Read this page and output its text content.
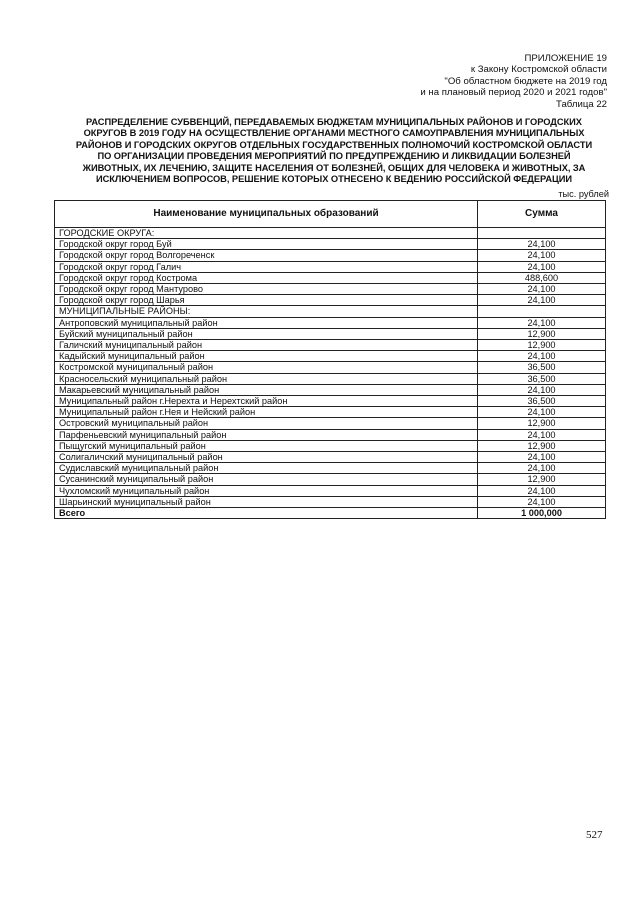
ПРИЛОЖЕНИЕ 19
к Закону Костромской области
"Об областном бюджете на 2019 год
и на плановый период 2020 и 2021 годов"
Таблица 22
РАСПРЕДЕЛЕНИЕ СУБВЕНЦИЙ, ПЕРЕДАВАЕМЫХ БЮДЖЕТАМ МУНИЦИПАЛЬНЫХ РАЙОНОВ И ГОРОДСКИХ
ОКРУГОВ В 2019 ГОДУ НА ОСУЩЕСТВЛЕНИЕ ОРГАНАМИ МЕСТНОГО САМОУПРАВЛЕНИЯ МУНИЦИПАЛЬНЫХ
РАЙОНОВ И ГОРОДСКИХ ОКРУГОВ ОТДЕЛЬНЫХ ГОСУДАРСТВЕННЫХ ПОЛНОМОЧИЙ КОСТРОМСКОЙ ОБЛАСТИ
ПО ОРГАНИЗАЦИИ ПРОВЕДЕНИЯ МЕРОПРИЯТИЙ ПО ПРЕДУПРЕЖДЕНИЮ И ЛИКВИДАЦИИ БОЛЕЗНЕЙ
ЖИВОТНЫХ, ИХ ЛЕЧЕНИЮ, ЗАЩИТЕ НАСЕЛЕНИЯ ОТ БОЛЕЗНЕЙ, ОБЩИХ ДЛЯ ЧЕЛОВЕКА И ЖИВОТНЫХ, ЗА
ИСКЛЮЧЕНИЕМ ВОПРОСОВ, РЕШЕНИЕ КОТОРЫХ ОТНЕСЕНО К ВЕДЕНИЮ РОССИЙСКОЙ ФЕДЕРАЦИИ
тыс. рублей
Наименование муниципальных образований	Сумма
ГОРОДСКИЕ ОКРУГА:	
Городской округ город Буй	24,100
Городской округ город Волгореченск	24,100
Городской округ город Галич	24,100
Городской округ город Кострома	488,600
Городской округ город Мантурово	24,100
Городской округ город Шарья	24,100
МУНИЦИПАЛЬНЫЕ РАЙОНЫ:	
Антроповский муниципальный район	24,100
Буйский муниципальный район	12,900
Галичский муниципальный район	12,900
Кадыйский муниципальный район	24,100
Костромской муниципальный район	36,500
Красносельский муниципальный район	36,500
Макарьевский муниципальный район	24,100
Муниципальный район г.Нерехта и Нерехтский район	36,500
Муниципальный район г.Нея и Нейский район	24,100
Островский муниципальный район	12,900
Парфеньевский муниципальный район	24,100
Пыщугский муниципальный район	12,900
Солигаличский муниципальный район	24,100
Судиславский муниципальный район	24,100
Сусанинский муниципальный район	12,900
Чухломский муниципальный район	24,100
Шарьинский муниципальный район	24,100
Всего	1 000,000
527
